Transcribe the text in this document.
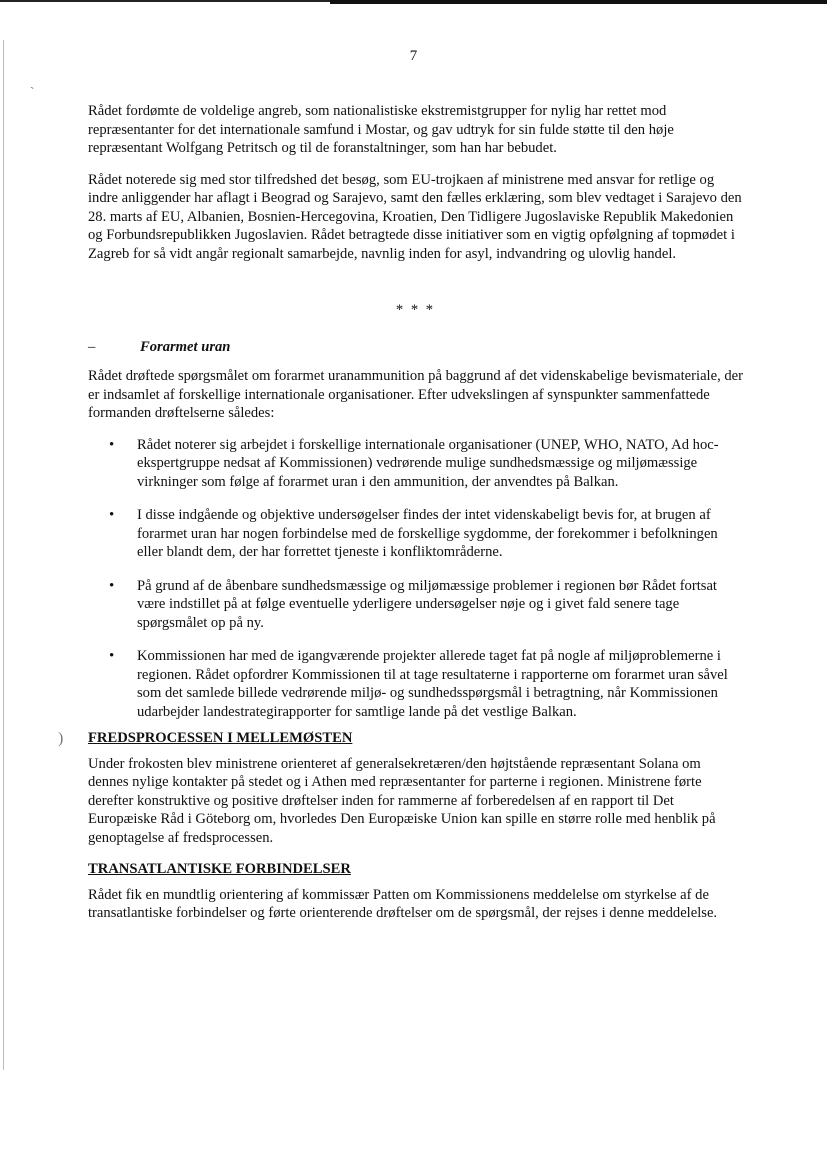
`
)
7

Rådet fordømte de voldelige angreb, som nationalistiske ekstremistgrupper for nylig har rettet mod repræsentanter for det internationale samfund i Mostar, og gav udtryk for sin fulde støtte til den høje repræsentant Wolfgang Petritsch og til de foranstaltninger, som han har bebudet.

Rådet noterede sig med stor tilfredshed det besøg, som EU-trojkaen af ministrene med ansvar for retlige og indre anliggender har aflagt i Beograd og Sarajevo, samt den fælles erklæring, som blev vedtaget i Sarajevo den 28. marts af EU, Albanien, Bosnien-Hercegovina, Kroatien, Den Tidligere Jugoslaviske Republik Makedonien og Forbundsrepublikken Jugoslavien. Rådet betragtede disse initiativer som en vigtig opfølgning af topmødet i Zagreb for så vidt angår regionalt samarbejde, navnlig inden for asyl, indvandring og ulovlig handel.

* * *
–	Forarmet uran

Rådet drøftede spørgsmålet om forarmet uranammunition på baggrund af det videnskabelige bevismateriale, der er indsamlet af forskellige internationale organisationer. Efter udvekslingen af synspunkter sammenfattede formanden drøftelserne således:

• Rådet noterer sig arbejdet i forskellige internationale organisationer (UNEP, WHO, NATO, Ad hoc-ekspertgruppe nedsat af Kommissionen) vedrørende mulige sundhedsmæssige og miljømæssige virkninger som følge af forarmet uran i den ammunition, der anvendtes på Balkan.
• I disse indgående og objektive undersøgelser findes der intet videnskabeligt bevis for, at brugen af forarmet uran har nogen forbindelse med de forskellige sygdomme, der forekommer i befolkningen eller blandt dem, der har forrettet tjeneste i konfliktområderne.
• På grund af de åbenbare sundhedsmæssige og miljømæssige problemer i regionen bør Rådet fortsat være indstillet på at følge eventuelle yderligere undersøgelser nøje og i givet fald senere tage spørgsmålet op på ny.
• Kommissionen har med de igangværende projekter allerede taget fat på nogle af miljøproblemerne i regionen. Rådet opfordrer Kommissionen til at tage resultaterne i rapporterne om forarmet uran såvel som det samlede billede vedrørende miljø- og sundhedsspørgsmål i betragtning, når Kommissionen udarbejder landestrategirapporter for samtlige lande på det vestlige Balkan.
FREDSPROCESSEN I MELLEMØSTEN

Under frokosten blev ministrene orienteret af generalsekretæren/den højtstående repræsentant Solana om dennes nylige kontakter på stedet og i Athen med repræsentanter for parterne i regionen. Ministrene førte derefter konstruktive og positive drøftelser inden for rammerne af forberedelsen af en rapport til Det Europæiske Råd i Göteborg om, hvorledes Den Europæiske Union kan spille en større rolle med henblik på genoptagelse af fredsprocessen.

TRANSATLANTISKE FORBINDELSER

Rådet fik en mundtlig orientering af kommissær Patten om Kommissionens meddelelse om styrkelse af de transatlantiske forbindelser og førte orienterende drøftelser om de spørgsmål, der rejses i denne meddelelse.
